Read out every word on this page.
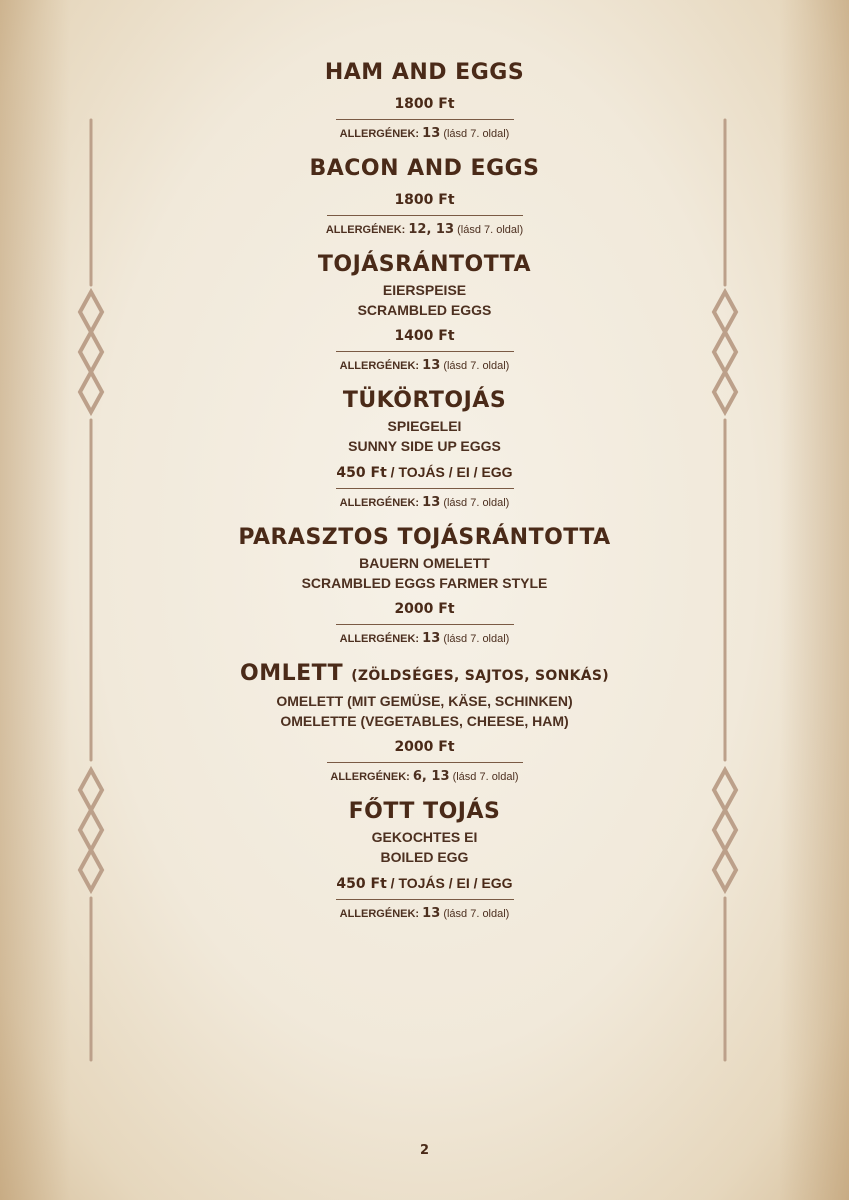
HAM AND EGGS
1800 Ft
ALLERGÉNEK: 13 (lásd 7. oldal)
BACON AND EGGS
1800 Ft
ALLERGÉNEK: 12, 13 (lásd 7. oldal)
TOJÁSRÁNTOTTA
EIERSPEISE
SCRAMBLED EGGS
1400 Ft
ALLERGÉNEK: 13 (lásd 7. oldal)
TÜKÖRTOJÁS
SPIEGELEI
SUNNY SIDE UP EGGS
450 Ft / TOJÁS / EI / EGG
ALLERGÉNEK: 13 (lásd 7. oldal)
PARASZTOS TOJÁSRÁNTOTTA
BAUERN OMELETT
SCRAMBLED EGGS FARMER STYLE
2000 Ft
ALLERGÉNEK: 13 (lásd 7. oldal)
OMLETT (ZÖLDSÉGES, SAJTOS, SONKÁS)
OMELETT (MIT GEMÜSE, KÄSE, SCHINKEN)
OMELETTE (VEGETABLES, CHEESE, HAM)
2000 Ft
ALLERGÉNEK: 6, 13 (lásd 7. oldal)
FŐTT TOJÁS
GEKOCHTES EI
BOILED EGG
450 Ft / TOJÁS / EI / EGG
ALLERGÉNEK: 13 (lásd 7. oldal)
2
